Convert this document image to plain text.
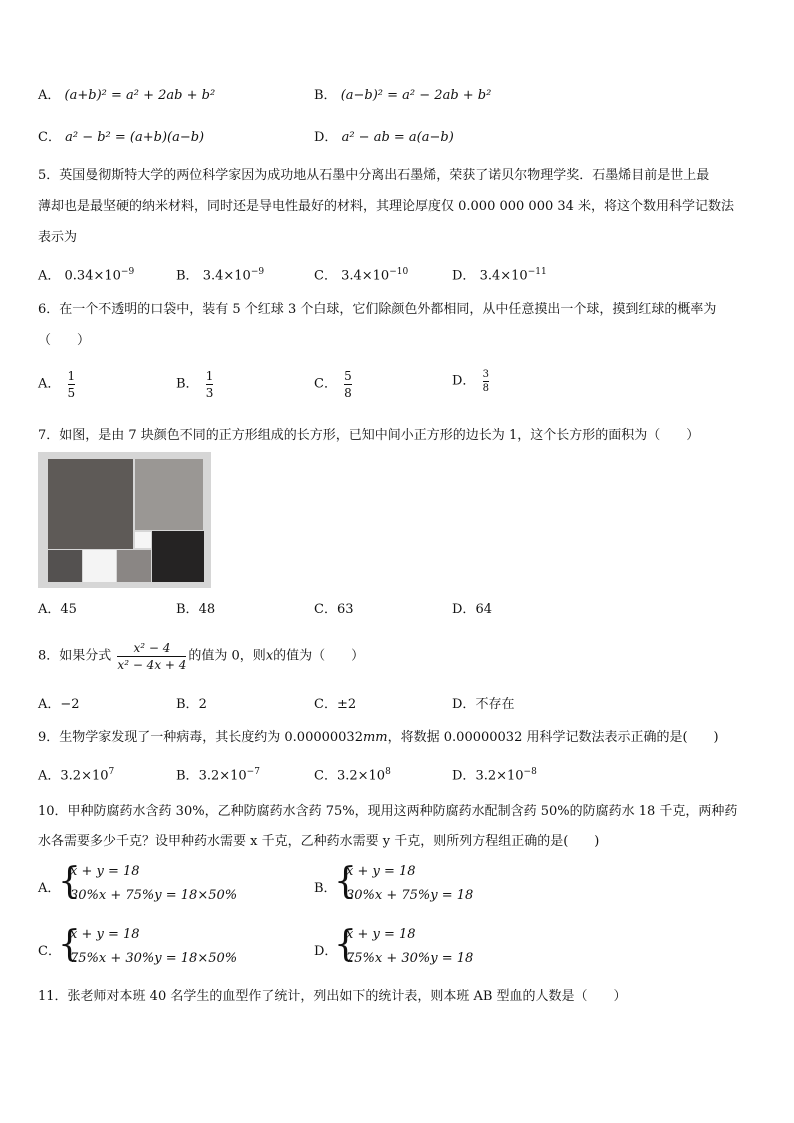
A． (a+b)² = a² + 2ab + b²	B． (a−b)² = a² − 2ab + b²
C． a² − b² = (a+b)(a−b)	D． a² − ab = a(a−b)
5．英国曼彻斯特大学的两位科学家因为成功地从石墨中分离出石墨烯，荣获了诺贝尔物理学奖．石墨烯目前是世上最
薄却也是最坚硬的纳米材料，同时还是导电性最好的材料，其理论厚度仅 0.000 000 000 34 米，将这个数用科学记数法
表示为
A． $0.34\times 10^{-9}$	B． $3.4\times 10^{-9}$	C． $3.4\times 10^{-10}$	D． $3.4\times 10^{-11}$
6．在一个不透明的口袋中，装有 5 个红球 3 个白球，它们除颜色外都相同，从中任意摸出一个球，摸到红球的概率为
（　　）
A． $\frac{1}{5}$	B． $\frac{1}{3}$	C． $\frac{5}{8}$	D． $\frac{3}{8}$
7．如图，是由 7 块颜色不同的正方形组成的长方形，已知中间小正方形的边长为 1，这个长方形的面积为（　　）
A．45	B．48	C．63	D．64
8．如果分式 $\frac{\text{x² − 4}}{\text{x² − 4x + 4}}$ 的值为 0，则x的值为（　　）
A．−2	B．2	C．±2	D．不存在
9．生物学家发现了一种病毒，其长度约为 0.00000032mm，将数据 0.00000032 用科学记数法表示正确的是(　　)
A．$3.2\times 10^7$	B．$3.2\times 10^{-7}$	C．$3.2\times 10^8$	D．$3.2\times 10^{-8}$
10．甲种防腐药水含药 30%，乙种防腐药水含药 75%，现用这两种防腐药水配制含药 50%的防腐药水 18 千克，两种药
水各需要多少千克？设甲种药水需要 x 千克，乙种药水需要 y 千克，则所列方程组正确的是(　　)
A．
{
x + y = 18
30%x + 75%y = 18×50%	B．
{
x + y = 18
30%x + 75%y = 18
C．
{
x + y = 18
75%x + 30%y = 18×50%	D．
{
x + y = 18
75%x + 30%y = 18
11．张老师对本班 40 名学生的血型作了统计，列出如下的统计表，则本班 AB 型血的人数是（　　）
